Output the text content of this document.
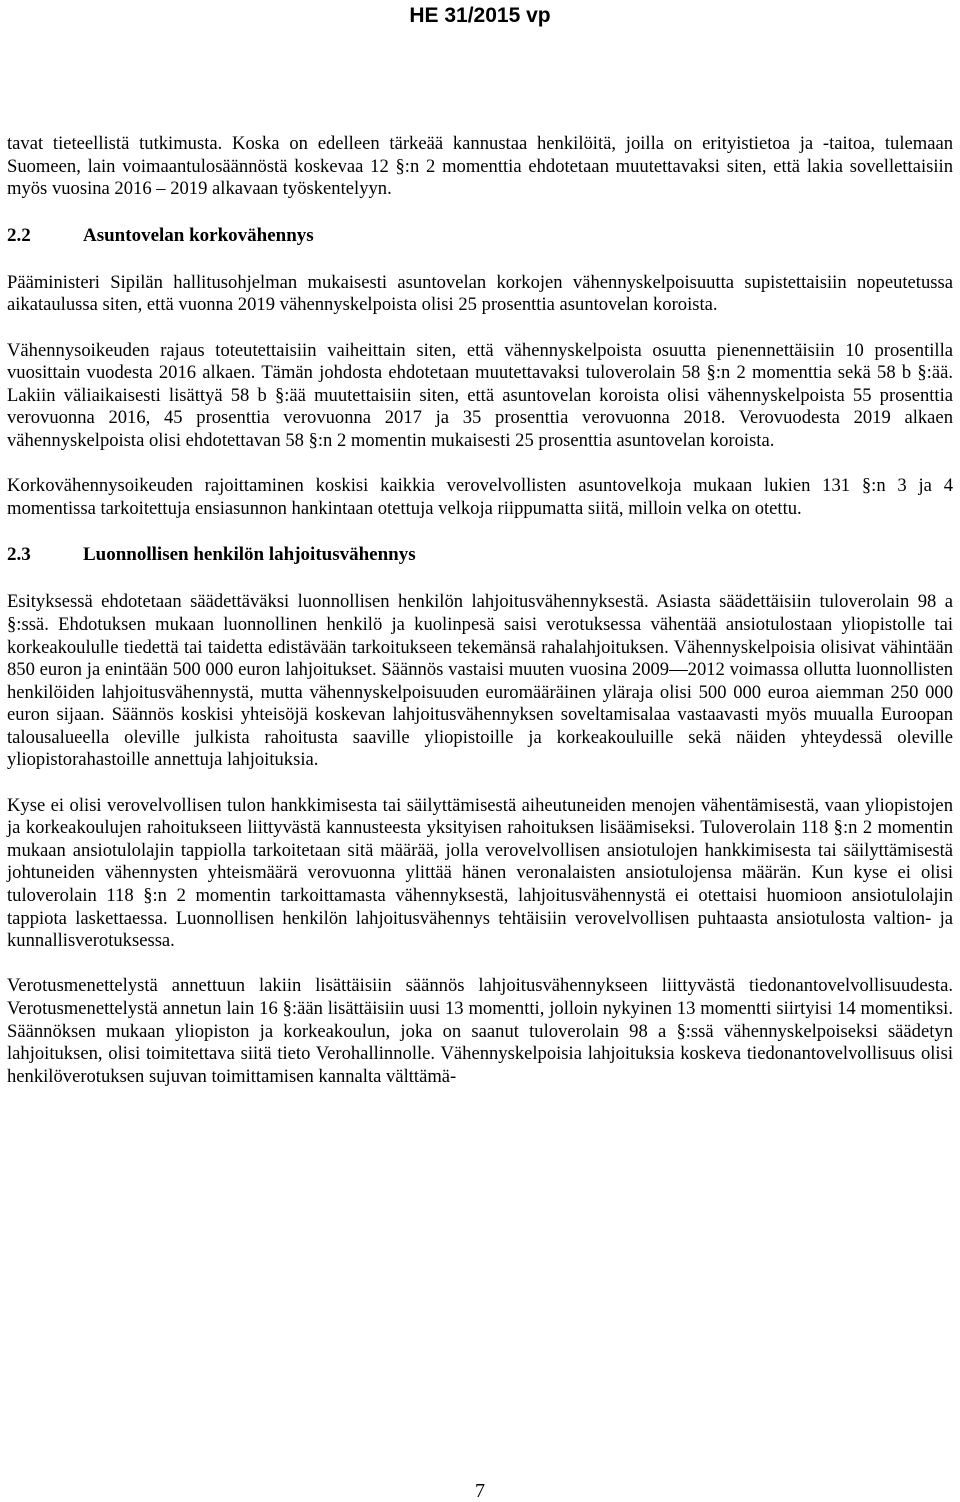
HE 31/2015 vp

tavat tieteellistä tutkimusta. Koska on edelleen tärkeää kannustaa henkilöitä, joilla on erityistietoa ja -taitoa, tulemaan Suomeen, lain voimaantulosäännöstä koskevaa 12 §:n 2 momenttia ehdotetaan muutettavaksi siten, että lakia sovellettaisiin myös vuosina 2016 – 2019 alkavaan työskentelyyn.

2.2	Asuntovelan korkovähennys

Pääministeri Sipilän hallitusohjelman mukaisesti asuntovelan korkojen vähennyskelpoisuutta supistettaisiin nopeutetussa aikataulussa siten, että vuonna 2019 vähennyskelpoista olisi 25 prosenttia asuntovelan koroista.

Vähennysoikeuden rajaus toteutettaisiin vaiheittain siten, että vähennyskelpoista osuutta pienennettäisiin 10 prosentilla vuosittain vuodesta 2016 alkaen. Tämän johdosta ehdotetaan muutettavaksi tuloverolain 58 §:n 2 momenttia sekä 58 b §:ää. Lakiin väliaikaisesti lisättyä 58 b §:ää muutettaisiin siten, että asuntovelan koroista olisi vähennyskelpoista 55 prosenttia verovuonna 2016, 45 prosenttia verovuonna 2017 ja 35 prosenttia verovuonna 2018. Verovuodesta 2019 alkaen vähennyskelpoista olisi ehdotettavan 58 §:n 2 momentin mukaisesti 25 prosenttia asuntovelan koroista.

Korkovähennysoikeuden rajoittaminen koskisi kaikkia verovelvollisten asuntovelkoja mukaan lukien 131 §:n 3 ja 4 momentissa tarkoitettuja ensiasunnon hankintaan otettuja velkoja riippumatta siitä, milloin velka on otettu.

2.3	Luonnollisen henkilön lahjoitusvähennys

Esityksessä ehdotetaan säädettäväksi luonnollisen henkilön lahjoitusvähennyksestä. Asiasta säädettäisiin tuloverolain 98 a §:ssä. Ehdotuksen mukaan luonnollinen henkilö ja kuolinpesä saisi verotuksessa vähentää ansiotulostaan yliopistolle tai korkeakoululle tiedettä tai taidetta edistävään tarkoitukseen tekemänsä rahalahjoituksen. Vähennyskelpoisia olisivat vähintään 850 euron ja enintään 500 000 euron lahjoitukset. Säännös vastaisi muuten vuosina 2009—2012 voimassa ollutta luonnollisten henkilöiden lahjoitusvähennystä, mutta vähennyskelpoisuuden euromääräinen yläraja olisi 500 000 euroa aiemman 250 000 euron sijaan. Säännös koskisi yhteisöjä koskevan lahjoitusvähennyksen soveltamisalaa vastaavasti myös muualla Euroopan talousalueella oleville julkista rahoitusta saaville yliopistoille ja korkeakouluille sekä näiden yhteydessä oleville yliopistorahastoille annettuja lahjoituksia.

Kyse ei olisi verovelvollisen tulon hankkimisesta tai säilyttämisestä aiheutuneiden menojen vähentämisestä, vaan yliopistojen ja korkeakoulujen rahoitukseen liittyvästä kannusteesta yksityisen rahoituksen lisäämiseksi. Tuloverolain 118 §:n 2 momentin mukaan ansiotulolajin tappiolla tarkoitetaan sitä määrää, jolla verovelvollisen ansiotulojen hankkimisesta tai säilyttämisestä johtuneiden vähennysten yhteismäärä verovuonna ylittää hänen veronalaisten ansiotulojensa määrän. Kun kyse ei olisi tuloverolain 118 §:n 2 momentin tarkoittamasta vähennyksestä, lahjoitusvähennystä ei otettaisi huomioon ansiotulolajin tappiota laskettaessa. Luonnollisen henkilön lahjoitusvähennys tehtäisiin verovelvollisen puhtaasta ansiotulosta valtion- ja kunnallisverotuksessa.

Verotusmenettelystä annettuun lakiin lisättäisiin säännös lahjoitusvähennykseen liittyvästä tiedonantovelvollisuudesta. Verotusmenettelystä annetun lain 16 §:ään lisättäisiin uusi 13 momentti, jolloin nykyinen 13 momentti siirtyisi 14 momentiksi. Säännöksen mukaan yliopiston ja korkeakoulun, joka on saanut tuloverolain 98 a §:ssä vähennyskelpoiseksi säädetyn lahjoituksen, olisi toimitettava siitä tieto Verohallinnolle. Vähennyskelpoisia lahjoituksia koskeva tiedonantovelvollisuus olisi henkilöverotuksen sujuvan toimittamisen kannalta välttämä-

7
